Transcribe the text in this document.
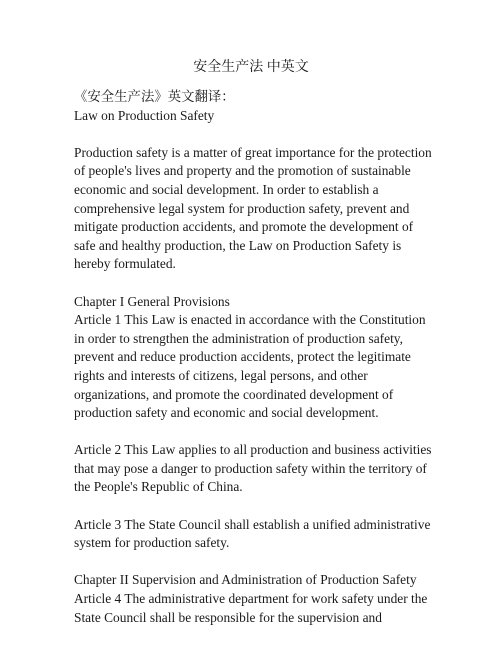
安全生产法 中英文
《安全生产法》英文翻译：
Law on Production Safety
Production safety is a matter of great importance for the protection
of people's lives and property and the promotion of sustainable
economic and social development. In order to establish a
comprehensive legal system for production safety, prevent and
mitigate production accidents, and promote the development of
safe and healthy production, the Law on Production Safety is
hereby formulated.
Chapter I General Provisions
Article 1 This Law is enacted in accordance with the Constitution
in order to strengthen the administration of production safety,
prevent and reduce production accidents, protect the legitimate
rights and interests of citizens, legal persons, and other
organizations, and promote the coordinated development of
production safety and economic and social development.
Article 2 This Law applies to all production and business activities
that may pose a danger to production safety within the territory of
the People's Republic of China.
Article 3 The State Council shall establish a unified administrative
system for production safety.
Chapter II Supervision and Administration of Production Safety
Article 4 The administrative department for work safety under the
State Council shall be responsible for the supervision and
